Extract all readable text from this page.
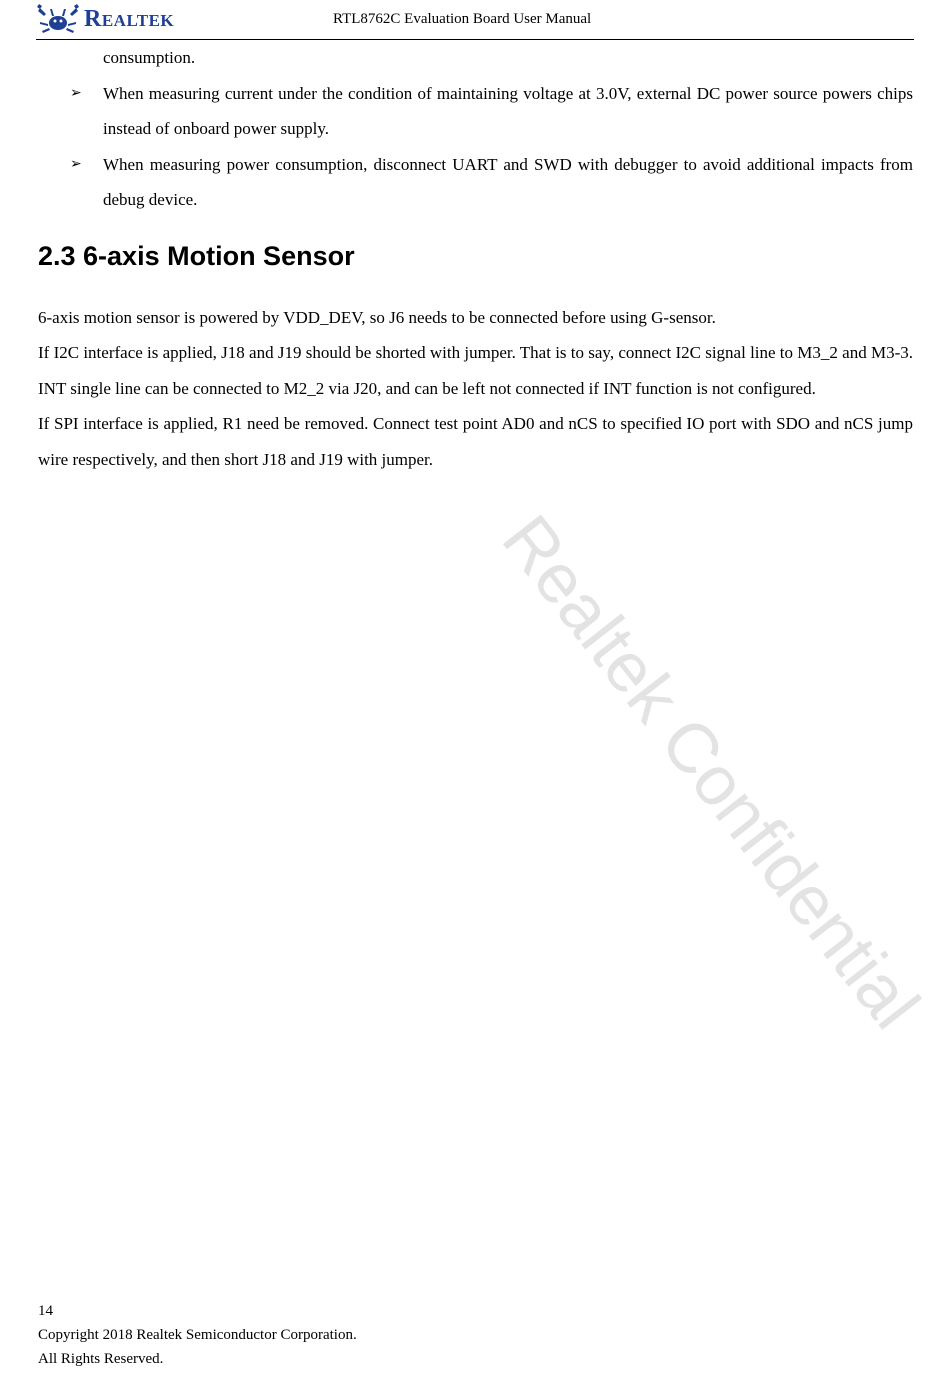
Realtek	RTL8762C Evaluation Board User Manual
Realtek Confidential

consumption.

➢ When measuring current under the condition of maintaining voltage at 3.0V, external DC power source powers chips instead of onboard power supply.
➢ When measuring power consumption, disconnect UART and SWD with debugger to avoid additional impacts from debug device.
2.3 6-axis Motion Sensor

6-axis motion sensor is powered by VDD_DEV, so J6 needs to be connected before using G-sensor.

If I2C interface is applied, J18 and J19 should be shorted with jumper. That is to say, connect I2C signal line to M3_2 and M3-3. INT single line can be connected to M2_2 via J20, and can be left not connected if INT function is not configured.

If SPI interface is applied, R1 need be removed. Connect test point AD0 and nCS to specified IO port with SDO and nCS jump wire respectively, and then short J18 and J19 with jumper.

14
Copyright 2018 Realtek Semiconductor Corporation.
All Rights Reserved.
